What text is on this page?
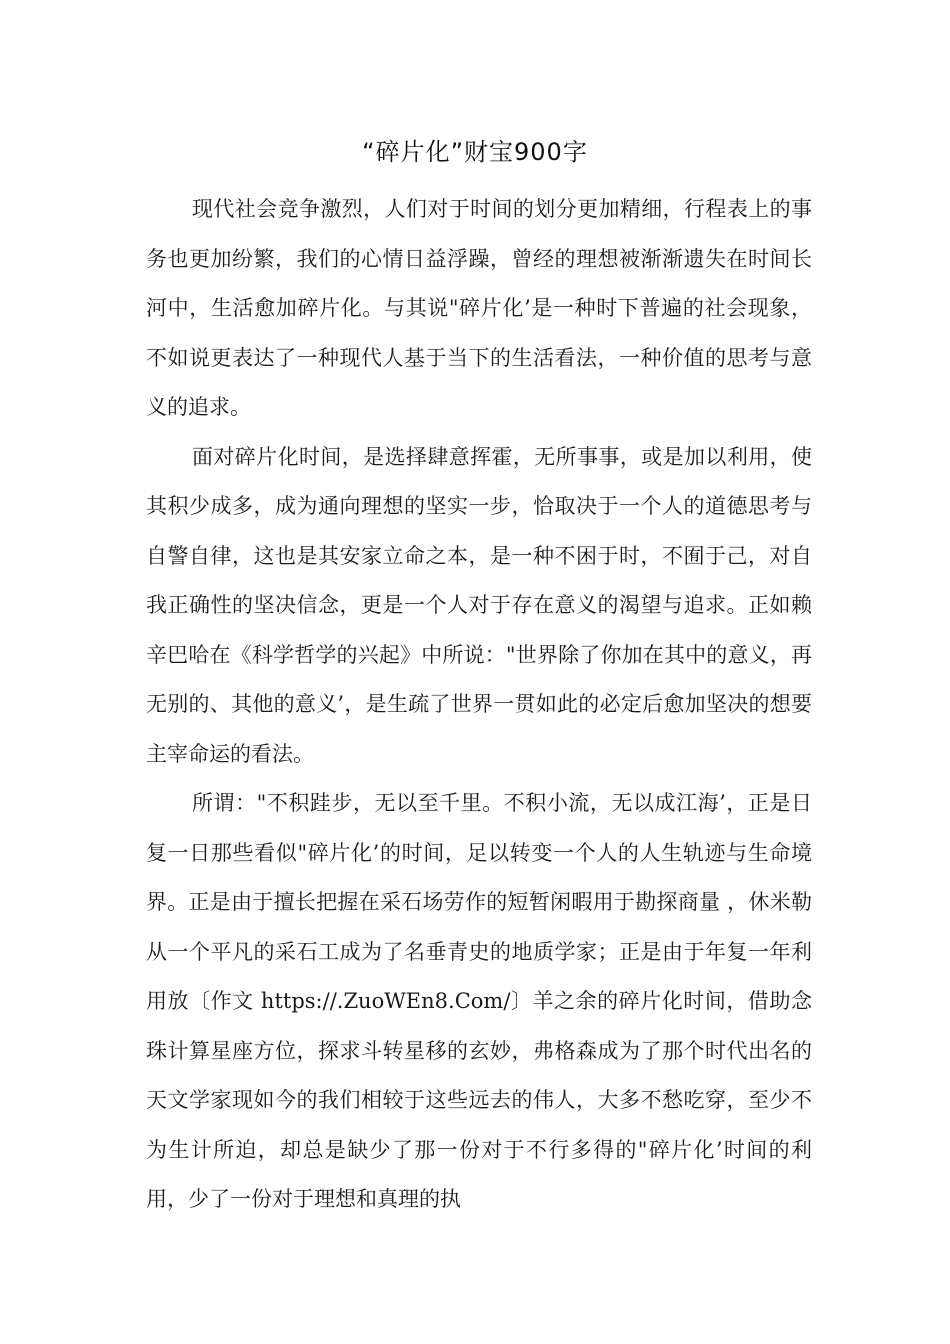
“碎片化”财宝900字

现代社会竞争激烈，人们对于时间的划分更加精细，行程表上的事务也更加纷繁，我们的心情日益浮躁，曾经的理想被渐渐遗失在时间长河中，生活愈加碎片化。与其说"碎片化’是一种时下普遍的社会现象，不如说更表达了一种现代人基于当下的生活看法，一种价值的思考与意义的追求。

面对碎片化时间，是选择肆意挥霍，无所事事，或是加以利用，使其积少成多，成为通向理想的坚实一步，恰取决于一个人的道德思考与自警自律，这也是其安家立命之本，是一种不困于时，不囿于己，对自我正确性的坚决信念，更是一个人对于存在意义的渴望与追求。正如赖辛巴哈在《科学哲学的兴起》中所说："世界除了你加在其中的意义，再无别的、其他的意义’，是生疏了世界一贯如此的必定后愈加坚决的想要主宰命运的看法。

所谓："不积跬步，无以至千里。不积小流，无以成江海’，正是日复一日那些看似"碎片化’的时间，足以转变一个人的人生轨迹与生命境界。正是由于擅长把握在采石场劳作的短暂闲暇用于勘探商量 ，休米勒从一个平凡的采石工成为了名垂青史的地质学家；正是由于年复一年利用放〔作文 https://.ZuoWEn8.Com/〕羊之余的碎片化时间，借助念珠计算星座方位，探求斗转星移的玄妙，弗格森成为了那个时代出名的天文学家现如今的我们相较于这些远去的伟人，大多不愁吃穿，至少不为生计所迫，却总是缺少了那一份对于不行多得的"碎片化’时间的利用，少了一份对于理想和真理的执
